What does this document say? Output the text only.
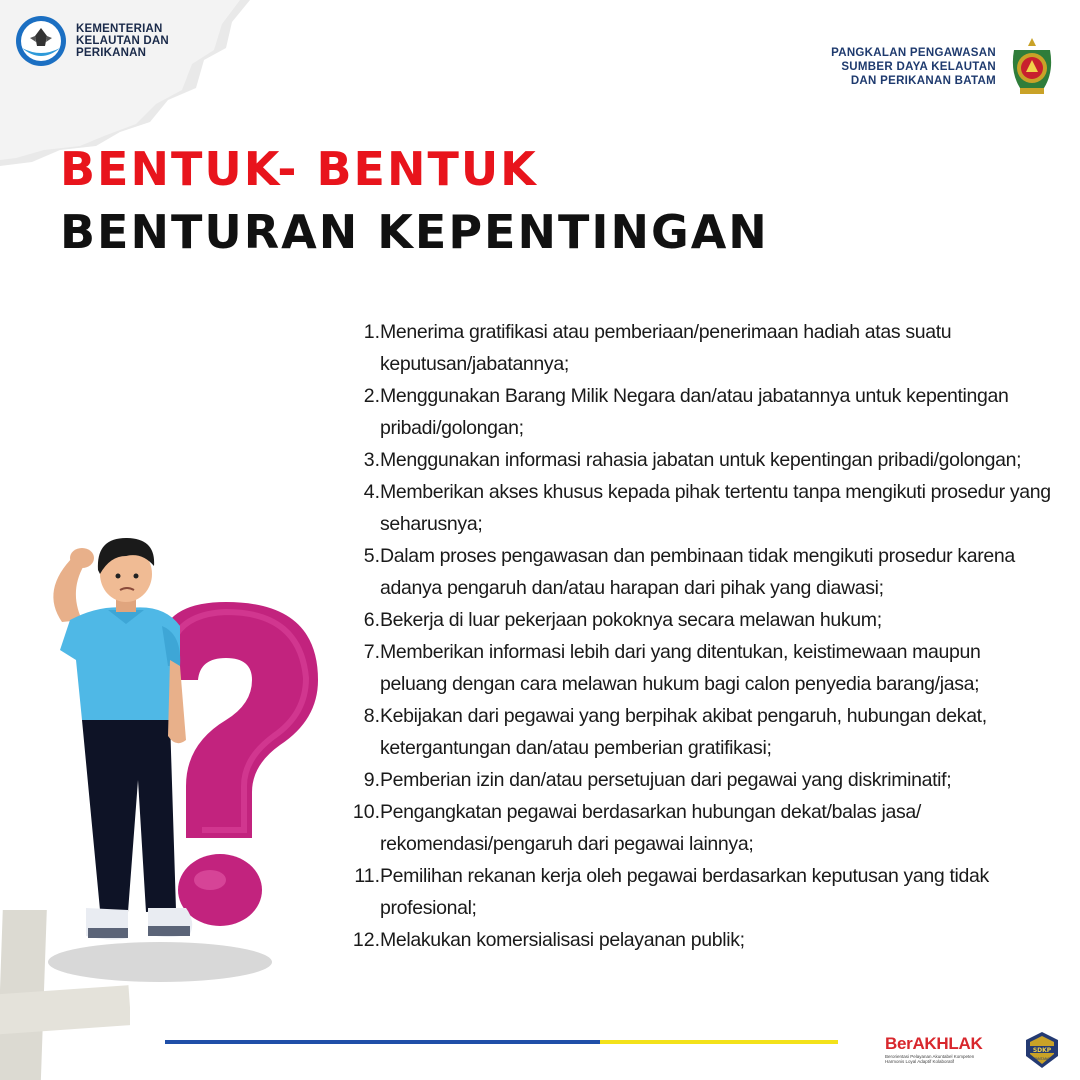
KEMENTERIAN
KELAUTAN DAN
PERIKANAN	PANGKALAN PENGAWASAN
SUMBER DAYA KELAUTAN
DAN PERIKANAN BATAM
BENTUK- BENTUK
BENTURAN KEPENTINGAN
1. Menerima gratifikasi atau pemberiaan/penerimaan hadiah atas suatu
keputusan/jabatannya;
2. Menggunakan Barang Milik Negara dan/atau jabatannya untuk kepentingan
pribadi/golongan;
3. Menggunakan informasi rahasia jabatan untuk kepentingan pribadi/golongan;
4. Memberikan akses khusus kepada pihak tertentu tanpa mengikuti prosedur yang
seharusnya;
5. Dalam proses pengawasan dan pembinaan tidak mengikuti prosedur karena
adanya pengaruh dan/atau harapan dari pihak yang diawasi;
6. Bekerja di luar pekerjaan pokoknya secara melawan hukum;
7. Memberikan informasi lebih dari yang ditentukan, keistimewaan maupun
peluang dengan cara melawan hukum bagi calon penyedia barang/jasa;
8. Kebijakan dari pegawai yang berpihak akibat pengaruh, hubungan dekat,
ketergantungan dan/atau pemberian gratifikasi;
9. Pemberian izin dan/atau persetujuan dari pegawai yang diskriminatif;
10. Pengangkatan pegawai berdasarkan hubungan dekat/balas jasa/
rekomendasi/pengaruh dari pegawai lainnya;
11. Pemilihan rekanan kerja oleh pegawai berdasarkan keputusan yang tidak
profesional;
12. Melakukan komersialisasi pelayanan publik;
BerAKHLAK
Berorientasi Pelayanan Akuntabel Kompeten Harmonis Loyal Adaptif Kolaboratif
SDKP
PANTANG
